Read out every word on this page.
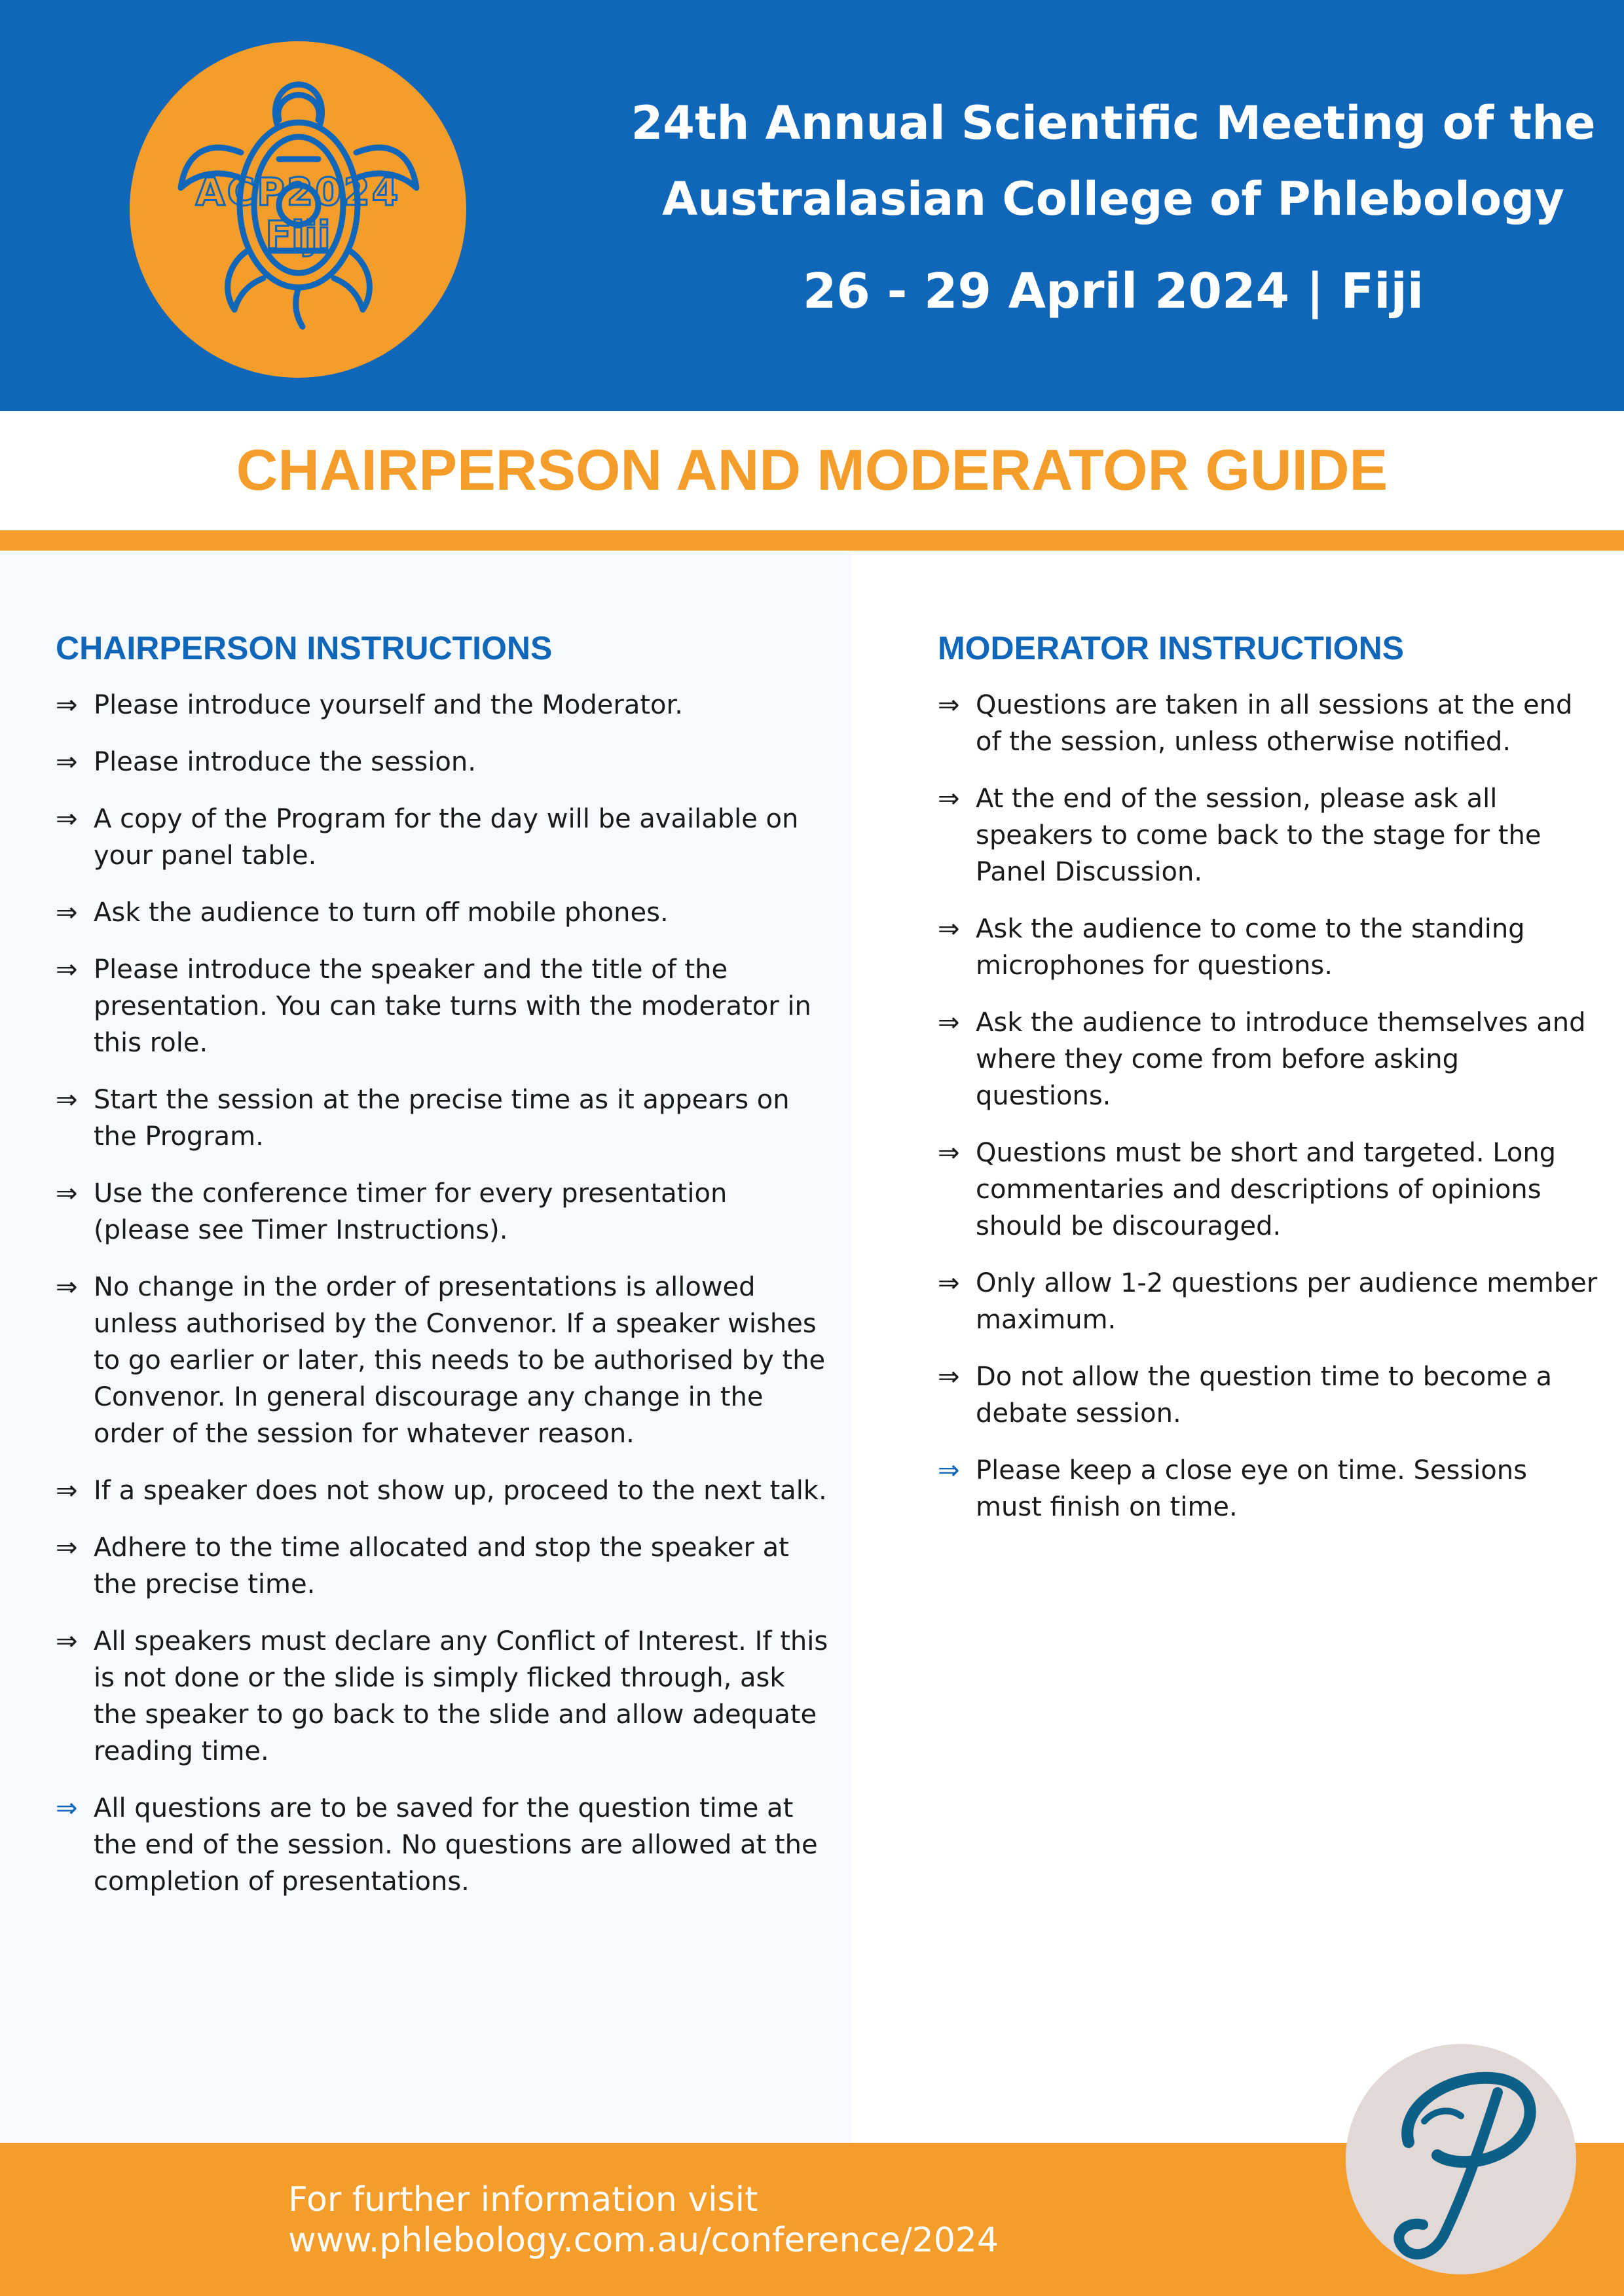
ACP2024
Fiji
24th Annual Scientific Meeting of the
Australasian College of Phlebology
26 - 29 April 2024 | Fiji
CHAIRPERSON AND MODERATOR GUIDE
CHAIRPERSON INSTRUCTIONS
⇒ Please introduce yourself and the Moderator.
⇒ Please introduce the session.
⇒ A copy of the Program for the day will be available on your panel table.
⇒ Ask the audience to turn off mobile phones.
⇒ Please introduce the speaker and the title of the presentation. You can take turns with the moderator in this role.
⇒ Start the session at the precise time as it appears on the Program.
⇒ Use the conference timer for every presentation (please see Timer Instructions).
⇒ No change in the order of presentations is allowed unless authorised by the Convenor. If a speaker wishes to go earlier or later, this needs to be authorised by the Convenor. In general discourage any change in the order of the session for whatever reason.
⇒ If a speaker does not show up, proceed to the next talk.
⇒ Adhere to the time allocated and stop the speaker at the precise time.
⇒ All speakers must declare any Conflict of Interest. If this is not done or the slide is simply flicked through, ask the speaker to go back to the slide and allow adequate reading time.
⇒ All questions are to be saved for the question time at the end of the session. No questions are allowed at the completion of presentations.
MODERATOR INSTRUCTIONS
⇒ Questions are taken in all sessions at the end of the session, unless otherwise notified.
⇒ At the end of the session, please ask all speakers to come back to the stage for the Panel Discussion.
⇒ Ask the audience to come to the standing microphones for questions.
⇒ Ask the audience to introduce themselves and where they come from before asking questions.
⇒ Questions must be short and targeted. Long commentaries and descriptions of opinions should be discouraged.
⇒ Only allow 1-2 questions per audience member maximum.
⇒ Do not allow the question time to become a debate session.
⇒ Please keep a close eye on time. Sessions must finish on time.
For further information visit
www.phlebology.com.au/conference/2024
